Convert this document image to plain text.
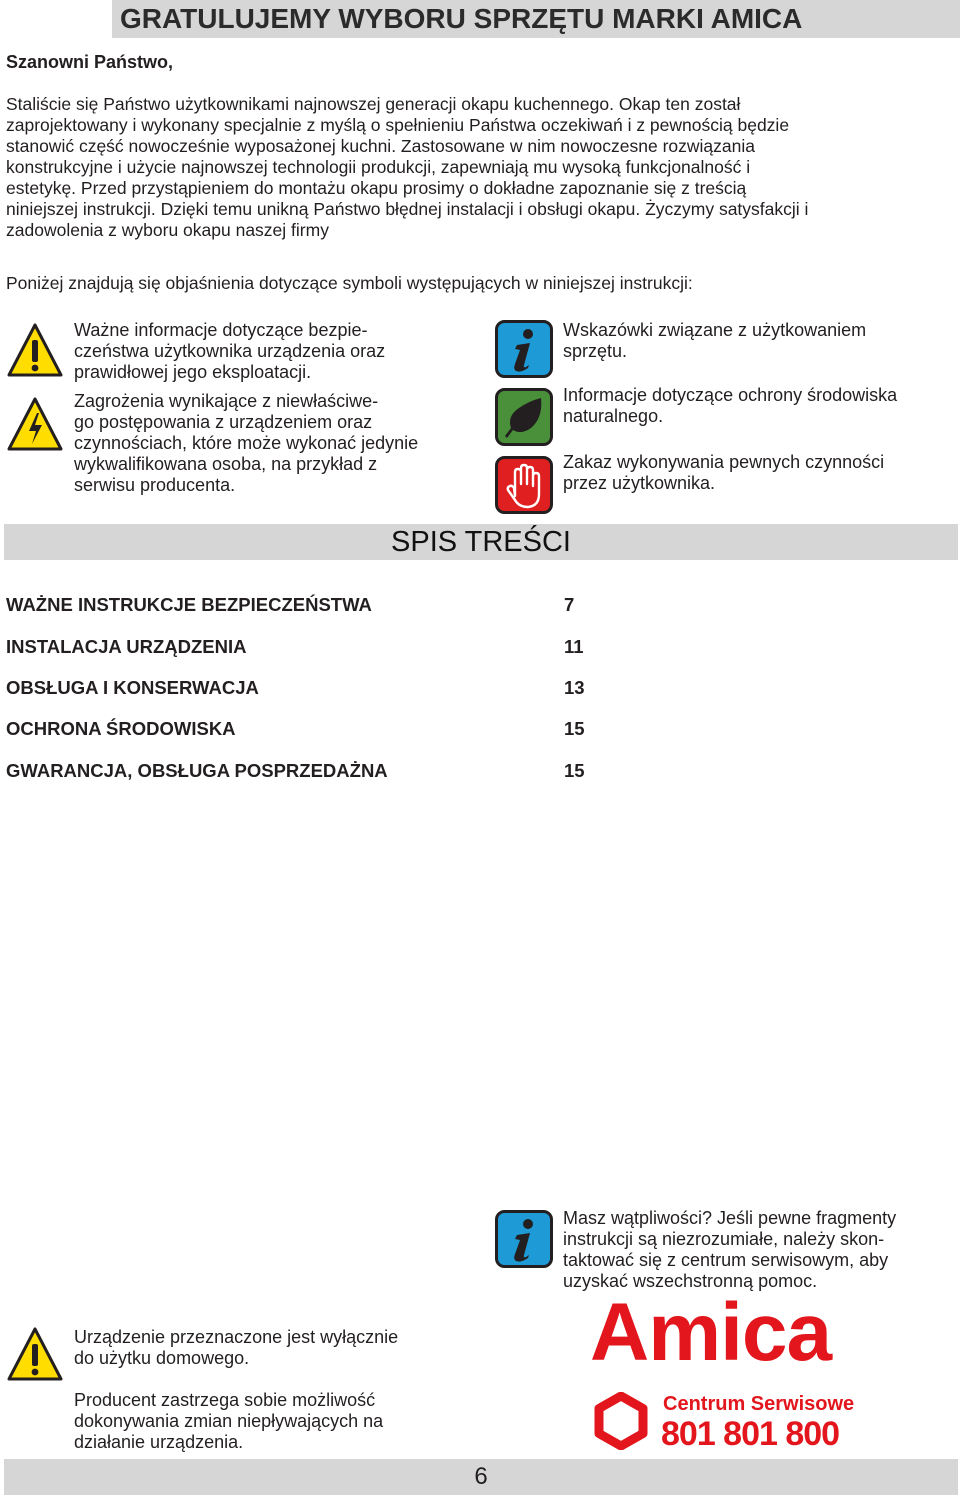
GRATULUJEMY WYBORU SPRZĘTU MARKI AMICA
Szanowni Państwo,
Staliście się Państwo użytkownikami najnowszej generacji okapu kuchennego. Okap ten został
zaprojektowany i wykonany specjalnie z myślą o spełnieniu Państwa oczekiwań i z pewnością będzie
stanowić część nowocześnie wyposażonej kuchni. Zastosowane w nim nowoczesne rozwiązania
konstrukcyjne i użycie najnowszej technologii produkcji, zapewniają mu wysoką funkcjonalność i
estetykę. Przed przystąpieniem do montażu okapu prosimy o dokładne zapoznanie się z treścią
niniejszej instrukcji. Dzięki temu unikną Państwo błędnej instalacji i obsługi okapu. Życzymy satysfakcji i
zadowolenia z wyboru okapu naszej firmy
Poniżej znajdują się objaśnienia dotyczące symboli występujących w niniejszej instrukcji:
Ważne informacje dotyczące bezpie-
czeństwa użytkownika urządzenia oraz
prawidłowej jego eksploatacji.
Zagrożenia wynikające z niewłaściwe-
go postępowania z urządzeniem oraz
czynnościach, które może wykonać jedynie
wykwalifikowana osoba, na przykład z
serwisu producenta.
Wskazówki związane z użytkowaniem
sprzętu.
Informacje dotyczące ochrony środowiska
naturalnego.
Zakaz wykonywania pewnych czynności
przez użytkownika.
SPIS TREŚCI
WAŻNE INSTRUKCJE BEZPIECZEŃSTWA	7
INSTALACJA URZĄDZENIA	11
OBSŁUGA I KONSERWACJA	13
OCHRONA ŚRODOWISKA	15
GWARANCJA, OBSŁUGA POSPRZEDAŻNA	15
Masz wątpliwości? Jeśli pewne fragmenty
instrukcji są niezrozumiałe, należy skon-
taktować się z centrum serwisowym, aby
uzyskać wszechstronną pomoc.
Amica
Centrum Serwisowe
801 801 800
Urządzenie przeznaczone jest wyłącznie
do użytku domowego.
Producent zastrzega sobie możliwość
dokonywania zmian niepływających na
działanie urządzenia.
6
